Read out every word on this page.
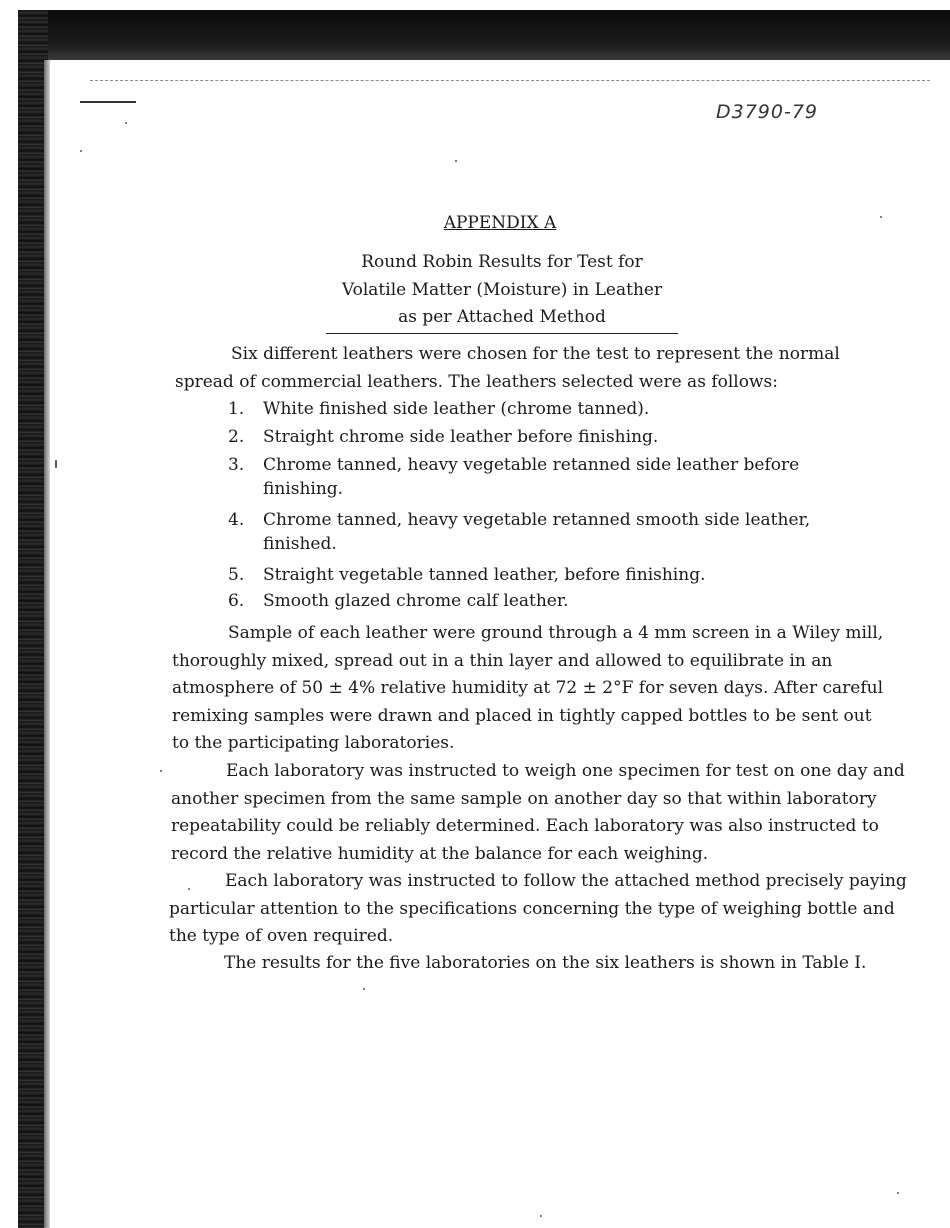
D3790-79
APPENDIX A
Round Robin Results for Test for
Volatile Matter (Moisture) in Leather
as per Attached Method

Six different leathers were chosen for the test to represent the normal spread of commercial leathers. The leathers selected were as follows:

1.	White finished side leather (chrome tanned).
2.	Straight chrome side leather before finishing.
3.	Chrome tanned, heavy vegetable retanned side leather before finishing.
4.	Chrome tanned, heavy vegetable retanned smooth side leather, finished.
5.	Straight vegetable tanned leather, before finishing.
6.	Smooth glazed chrome calf leather.

Sample of each leather were ground through a 4 mm screen in a Wiley mill, thoroughly mixed, spread out in a thin layer and allowed to equilibrate in an atmosphere of 50 ± 4% relative humidity at 72 ± 2°F for seven days. After careful remixing samples were drawn and placed in tightly capped bottles to be sent out to the participating laboratories.

Each laboratory was instructed to weigh one specimen for test on one day and another specimen from the same sample on another day so that within laboratory repeatability could be reliably determined. Each laboratory was also instructed to record the relative humidity at the balance for each weighing.

Each laboratory was instructed to follow the attached method precisely paying particular attention to the specifications concerning the type of weighing bottle and the type of oven required.

The results for the five laboratories on the six leathers is shown in Table I.
